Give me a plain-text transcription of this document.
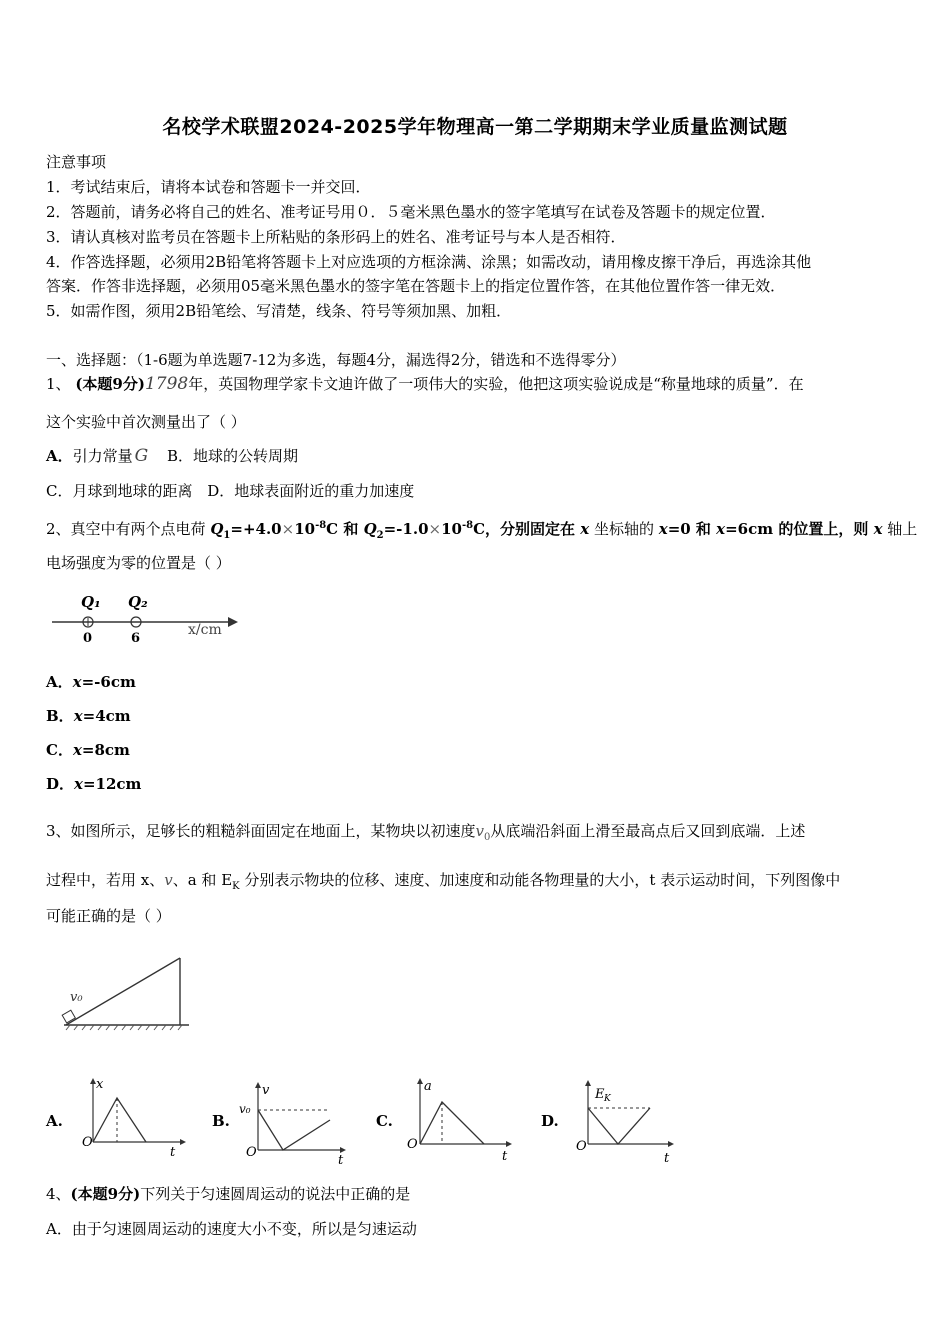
名校学术联盟2024-2025学年物理高一第二学期期末学业质量监测试题
注意事项
1．考试结束后，请将本试卷和答题卡一并交回．
2．答题前，请务必将自己的姓名、准考证号用０．５毫米黑色墨水的签字笔填写在试卷及答题卡的规定位置．
3．请认真核对监考员在答题卡上所粘贴的条形码上的姓名、准考证号与本人是否相符．
4．作答选择题，必须用2B铅笔将答题卡上对应选项的方框涂满、涂黑；如需改动，请用橡皮擦干净后，再选涂其他
答案．作答非选择题，必须用05毫米黑色墨水的签字笔在答题卡上的指定位置作答，在其他位置作答一律无效．
5．如需作图，须用2B铅笔绘、写清楚，线条、符号等须加黑、加粗．
一、选择题：（1-6题为单选题7-12为多选，每题4分，漏选得2分，错选和不选得零分）
1、 (本题9分)1798年，英国物理学家卡文迪许做了一项伟大的实验，他把这项实验说成是“称量地球的质量”．在
这个实验中首次测量出了（ ）
A．引力常量 G B．地球的公转周期
C．月球到地球的距离 D．地球表面附近的重力加速度
2、真空中有两个点电荷 $Q_1=+4.0\times 10^{-8}C$ 和 $Q_2=-1.0\times 10^{-8}C$，分别固定在 x 坐标轴的 x=0 和 x=6cm 的位置上，则 x 轴上
电场强度为零的位置是（ ）
Q₁ Q₂
0	6
x/cm
A．x=-6cm
B．x=4cm
C．x=8cm
D．x=12cm
3、如图所示，足够长的粗糙斜面固定在地面上，某物块以初速度$v_0$从底端沿斜面上滑至最高点后又回到底端．上述
过程中，若用 x、v、a 和 $E_K$ 分别表示物块的位移、速度、加速度和动能各物理量的大小，t 表示运动时间，下列图像中
可能正确的是（ ）
v₀
A.
x
O
t
B.
v
v₀
O
t
C.
a
O
t
D.
E K
O
t
4、(本题9分)下列关于匀速圆周运动的说法中正确的是
A．由于匀速圆周运动的速度大小不变，所以是匀速运动
